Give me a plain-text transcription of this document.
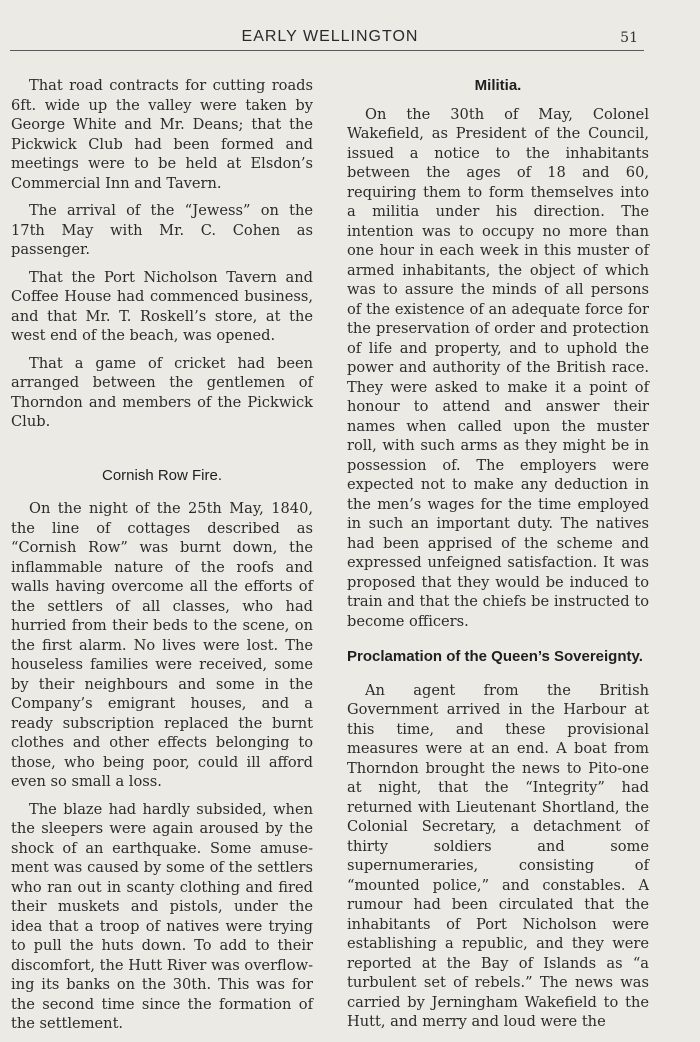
EARLY WELLINGTON	51

That road contracts for cutting roads 6ft. wide up the valley were taken by George White and Mr. Deans; that the Pickwick Club had been formed and meetings were to be held at Elsdon’s Commercial Inn and Tavern.

The arrival of the “Jewess” on the 17th May with Mr. C. Cohen as passenger.

That the Port Nicholson Tavern and Coffee House had commenced business, and that Mr. T. Roskell’s store, at the west end of the beach, was opened.

That a game of cricket had been arranged between the gentlemen of Thorndon and members of the Pickwick Club.

Cornish Row Fire.

On the night of the 25th May, 1840, the line of cottages described as “Cornish Row” was burnt down, the inflammable nature of the roofs and walls having overcome all the efforts of the settlers of all classes, who had hurried from their beds to the scene, on the first alarm. No lives were lost. The houseless families were received, some by their neighbours and some in the Company’s emigrant houses, and a ready subscription replaced the burnt clothes and other effects belonging to those, who being poor, could ill afford even so small a loss.

The blaze had hardly subsided, when the sleepers were again aroused by the shock of an earthquake. Some amusement was caused by some of the settlers who ran out in scanty clothing and fired their muskets and pistols, under the idea that a troop of natives were trying to pull the huts down. To add to their discomfort, the Hutt River was overflowing its banks on the 30th. This was for the second time since the formation of the settlement.

Militia.

On the 30th of May, Colonel Wakefield, as President of the Council, issued a notice to the inhabitants between the ages of 18 and 60, requiring them to form themselves into a militia under his direction. The intention was to occupy no more than one hour in each week in this muster of armed inhabitants, the object of which was to assure the minds of all persons of the existence of an adequate force for the preservation of order and protection of life and property, and to uphold the power and authority of the British race. They were asked to make it a point of honour to attend and answer their names when called upon the muster roll, with such arms as they might be in possession of. The employers were expected not to make any deduction in the men’s wages for the time employed in such an important duty. The natives had been apprised of the scheme and expressed unfeigned satisfaction. It was proposed that they would be induced to train and that the chiefs be instructed to become officers.

Proclamation of the Queen’s Sovereignty.

An agent from the British Government arrived in the Harbour at this time, and these provisional measures were at an end. A boat from Thorndon brought the news to Pito-one at night, that the “Integrity” had returned with Lieutenant Shortland, the Colonial Secretary, a detachment of thirty soldiers and some supernumeraries, consisting of “mounted police,” and constables. A rumour had been circulated that the inhabitants of Port Nicholson were establishing a republic, and they were reported at the Bay of Islands as “a turbulent set of rebels.” The news was carried by Jerningham Wakefield to the Hutt, and merry and loud were the
